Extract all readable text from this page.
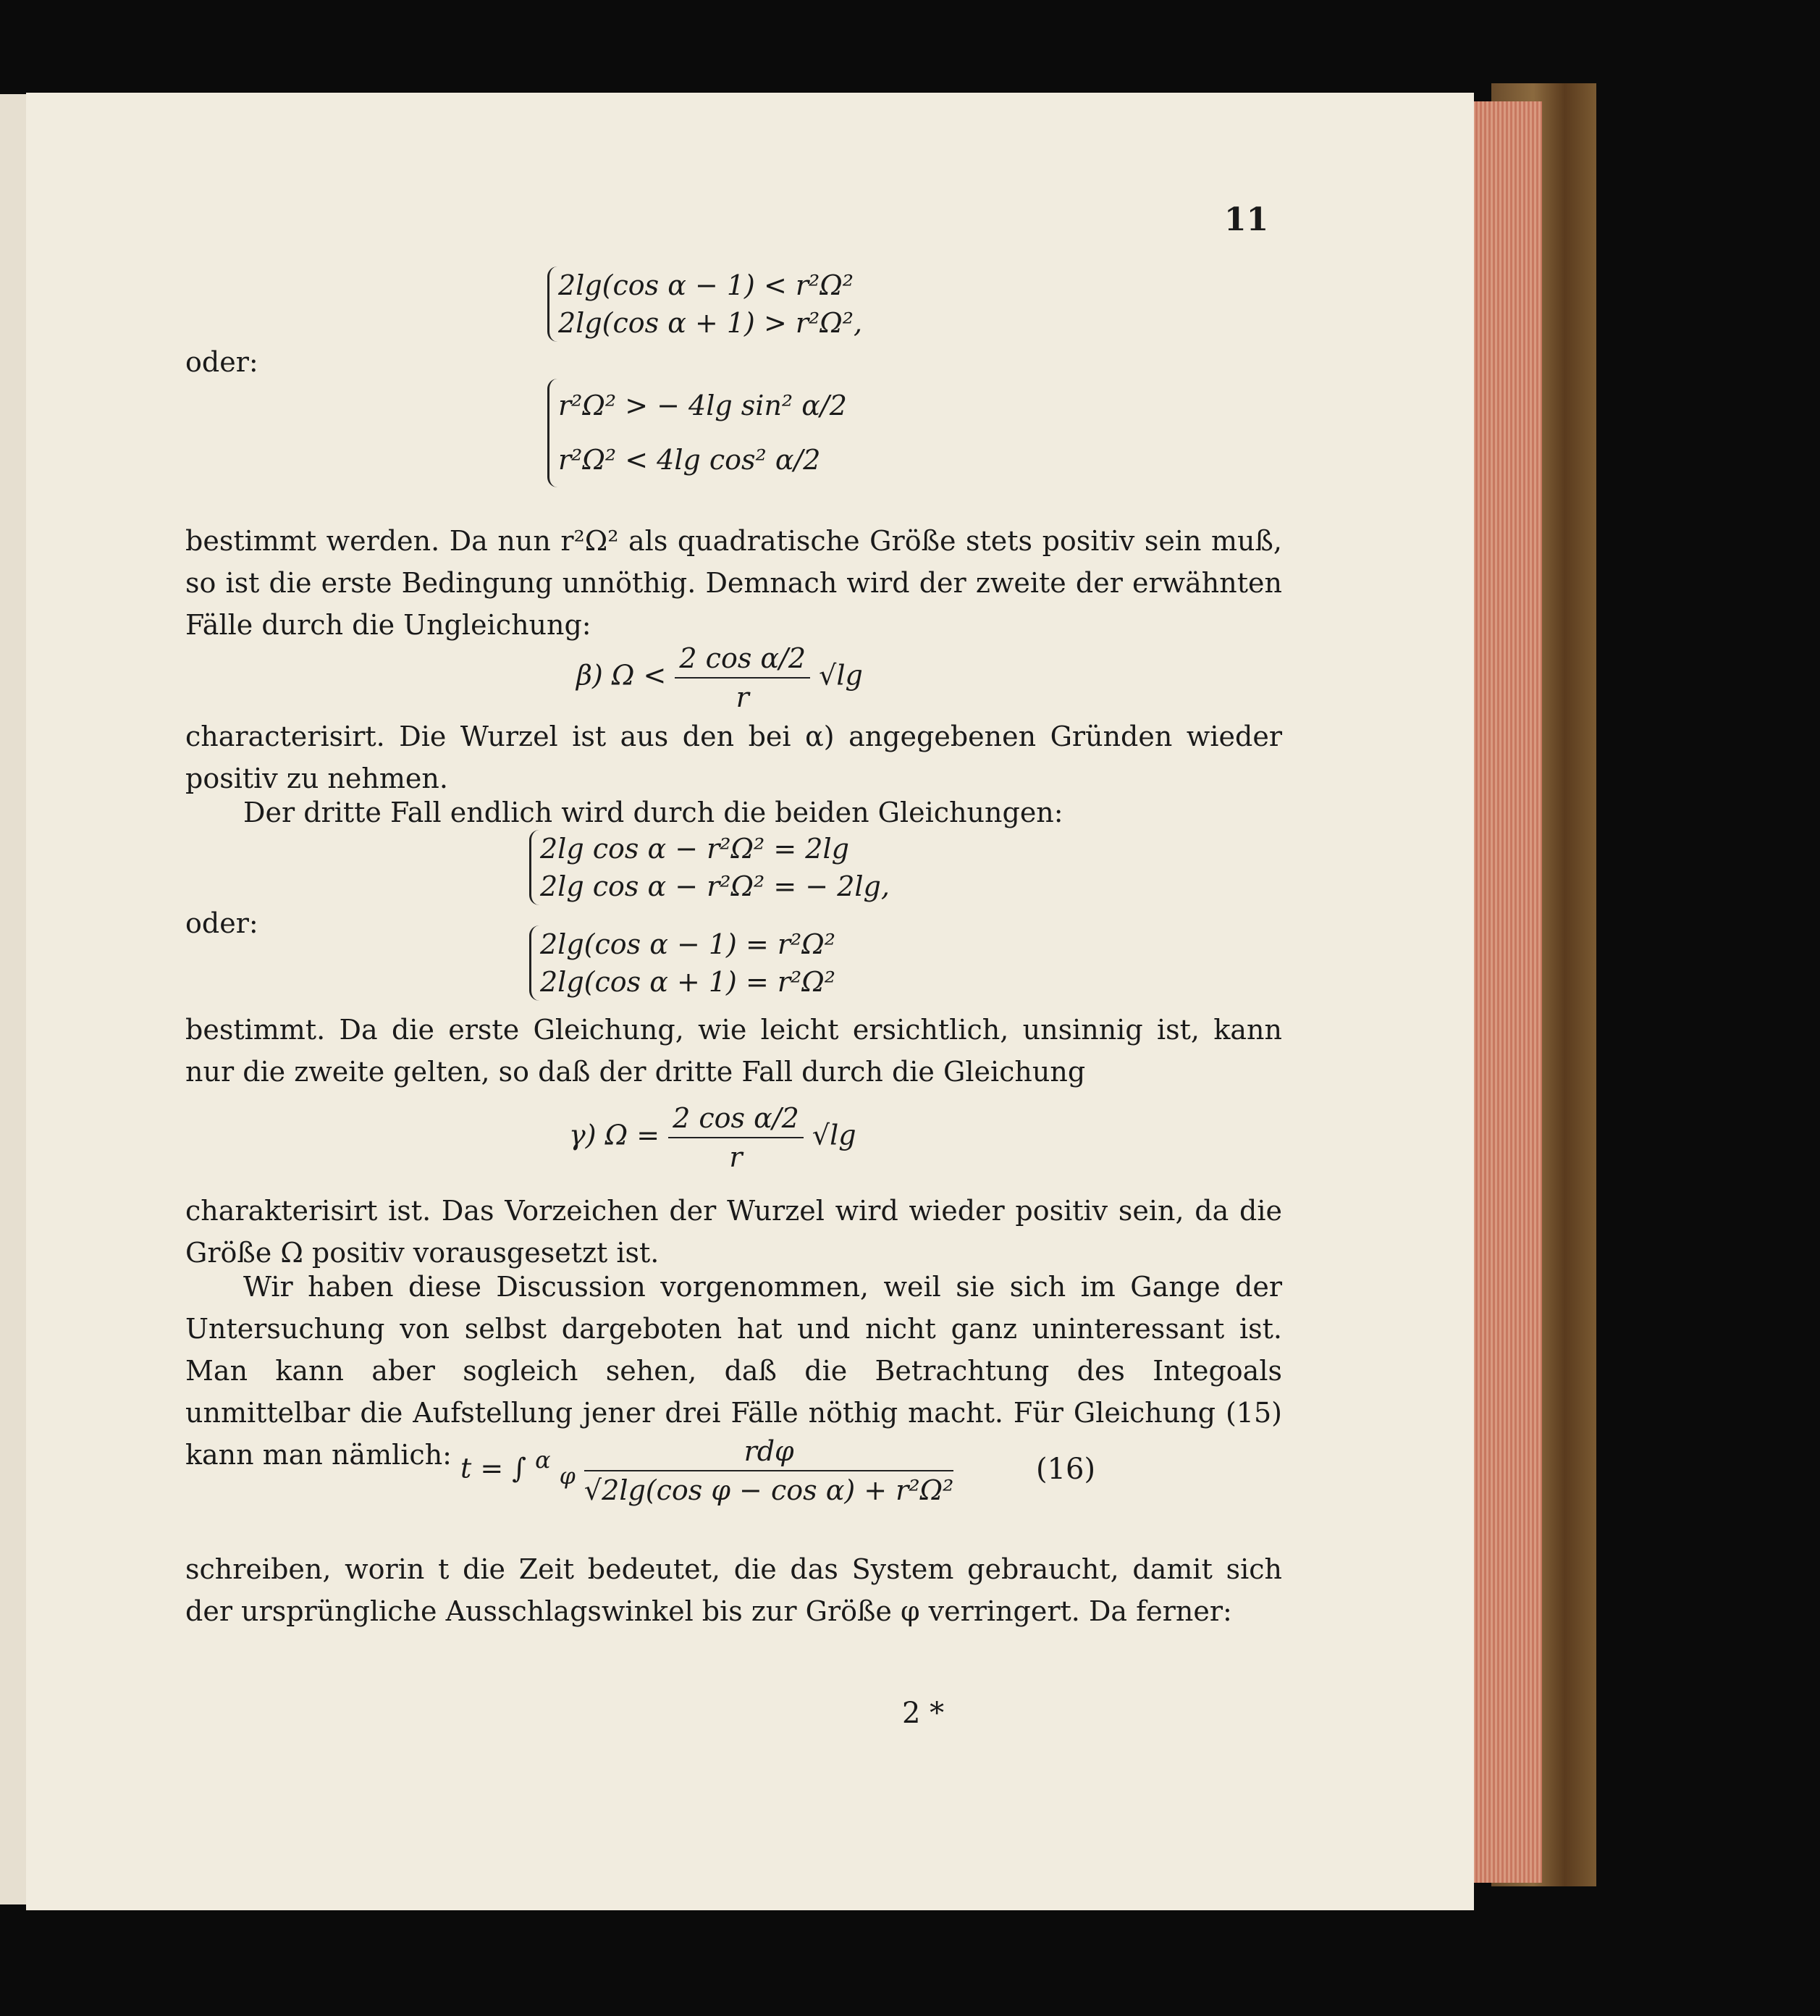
11
2lg(cos α − 1) < r²Ω²
2lg(cos α + 1) > r²Ω²,
oder:
r²Ω² > − 4lg sin² α/2
r²Ω² < 4lg cos² α/2
bestimmt werden. Da nun r²Ω² als quadratische Größe stets positiv sein muß, so ist die erste Bedingung unnöthig. Demnach wird der zweite der erwähnten Fälle durch die Ungleichung:
β) $\Omega < \frac{\text{2 cos α/2}}{r} √\lg$
characterisirt. Die Wurzel ist aus den bei α) angegebenen Gründen wieder positiv zu nehmen.
Der dritte Fall endlich wird durch die beiden Gleichungen:
2lg cos α − r²Ω² = 2lg
2lg cos α − r²Ω² = − 2lg,
oder:
2lg(cos α − 1) = r²Ω²
2lg(cos α + 1) = r²Ω²
bestimmt. Da die erste Gleichung, wie leicht ersichtlich, unsinnig ist, kann nur die zweite gelten, so daß der dritte Fall durch die Gleichung
γ) $\Omega = \frac{\text{2 cos α/2}}{r} √\lg$
charakterisirt ist. Das Vorzeichen der Wurzel wird wieder positiv sein, da die Größe Ω positiv vorausgesetzt ist.
Wir haben diese Discussion vorgenommen, weil sie sich im Gange der Untersuchung von selbst dargeboten hat und nicht ganz uninteressant ist. Man kann aber sogleich sehen, daß die Betrachtung des Integoals unmittelbar die Aufstellung jener drei Fälle nöthig macht. Für Gleichung (15) kann man nämlich: t = ∫ $^\alpha$ $_\varphi \frac{\text{rdφ}}{\text{√2lg(cos φ − cos α) + r²Ω²}}$	(16)
schreiben, worin t die Zeit bedeutet, die das System gebraucht, damit sich der ursprüngliche Ausschlagswinkel bis zur Größe φ verringert. Da ferner:
2 *
